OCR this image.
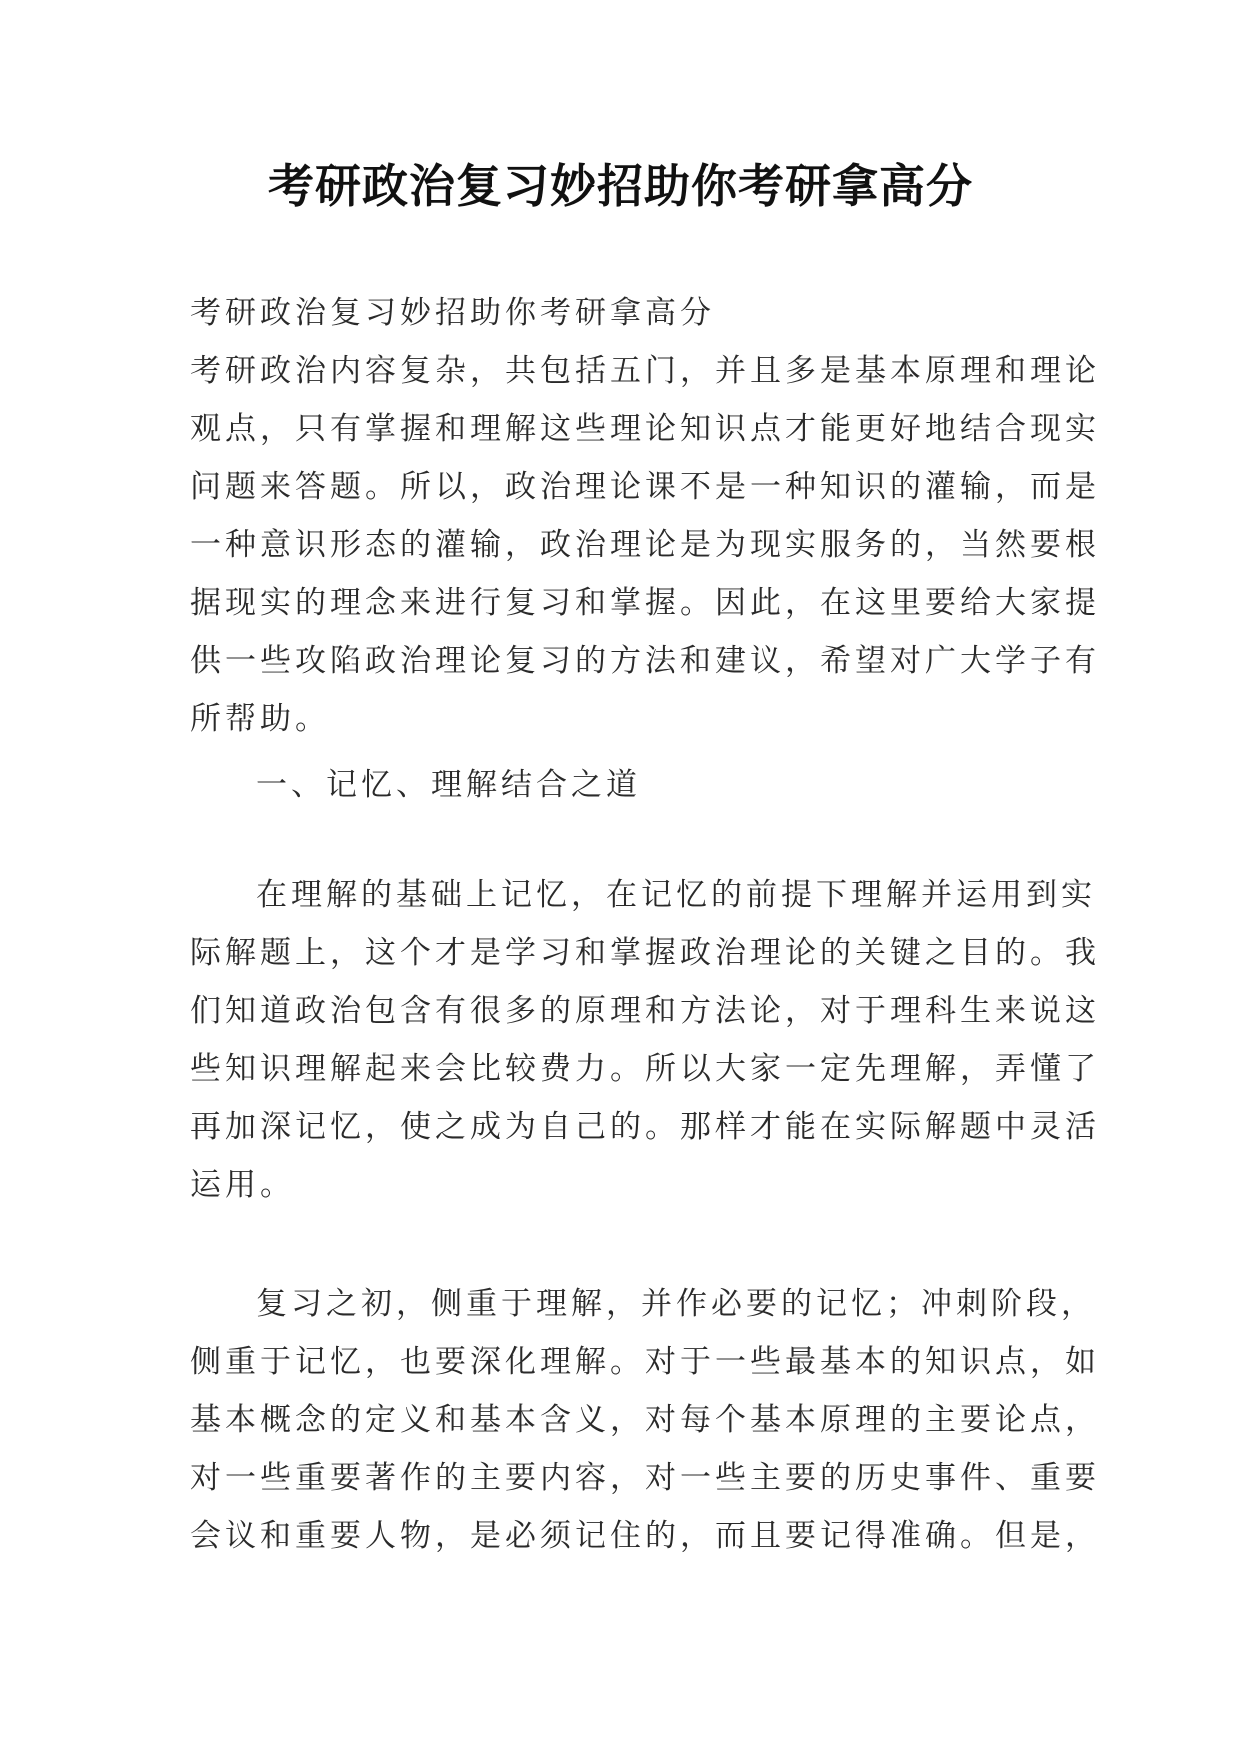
考研政治复习妙招助你考研拿高分
考研政治复习妙招助你考研拿高分
考研政治内容复杂，共包括五门，并且多是基本原理和理论
观点，只有掌握和理解这些理论知识点才能更好地结合现实
问题来答题。所以，政治理论课不是一种知识的灌输，而是
一种意识形态的灌输，政治理论是为现实服务的，当然要根
据现实的理念来进行复习和掌握。因此，在这里要给大家提
供一些攻陷政治理论复习的方法和建议，希望对广大学子有
所帮助。
一、记忆、理解结合之道
在理解的基础上记忆，在记忆的前提下理解并运用到实
际解题上，这个才是学习和掌握政治理论的关键之目的。我
们知道政治包含有很多的原理和方法论，对于理科生来说这
些知识理解起来会比较费力。所以大家一定先理解，弄懂了
再加深记忆，使之成为自己的。那样才能在实际解题中灵活
运用。
复习之初，侧重于理解，并作必要的记忆；冲刺阶段，
侧重于记忆，也要深化理解。对于一些最基本的知识点，如
基本概念的定义和基本含义，对每个基本原理的主要论点，
对一些重要著作的主要内容，对一些主要的历史事件、重要
会议和重要人物，是必须记住的，而且要记得准确。但是，
